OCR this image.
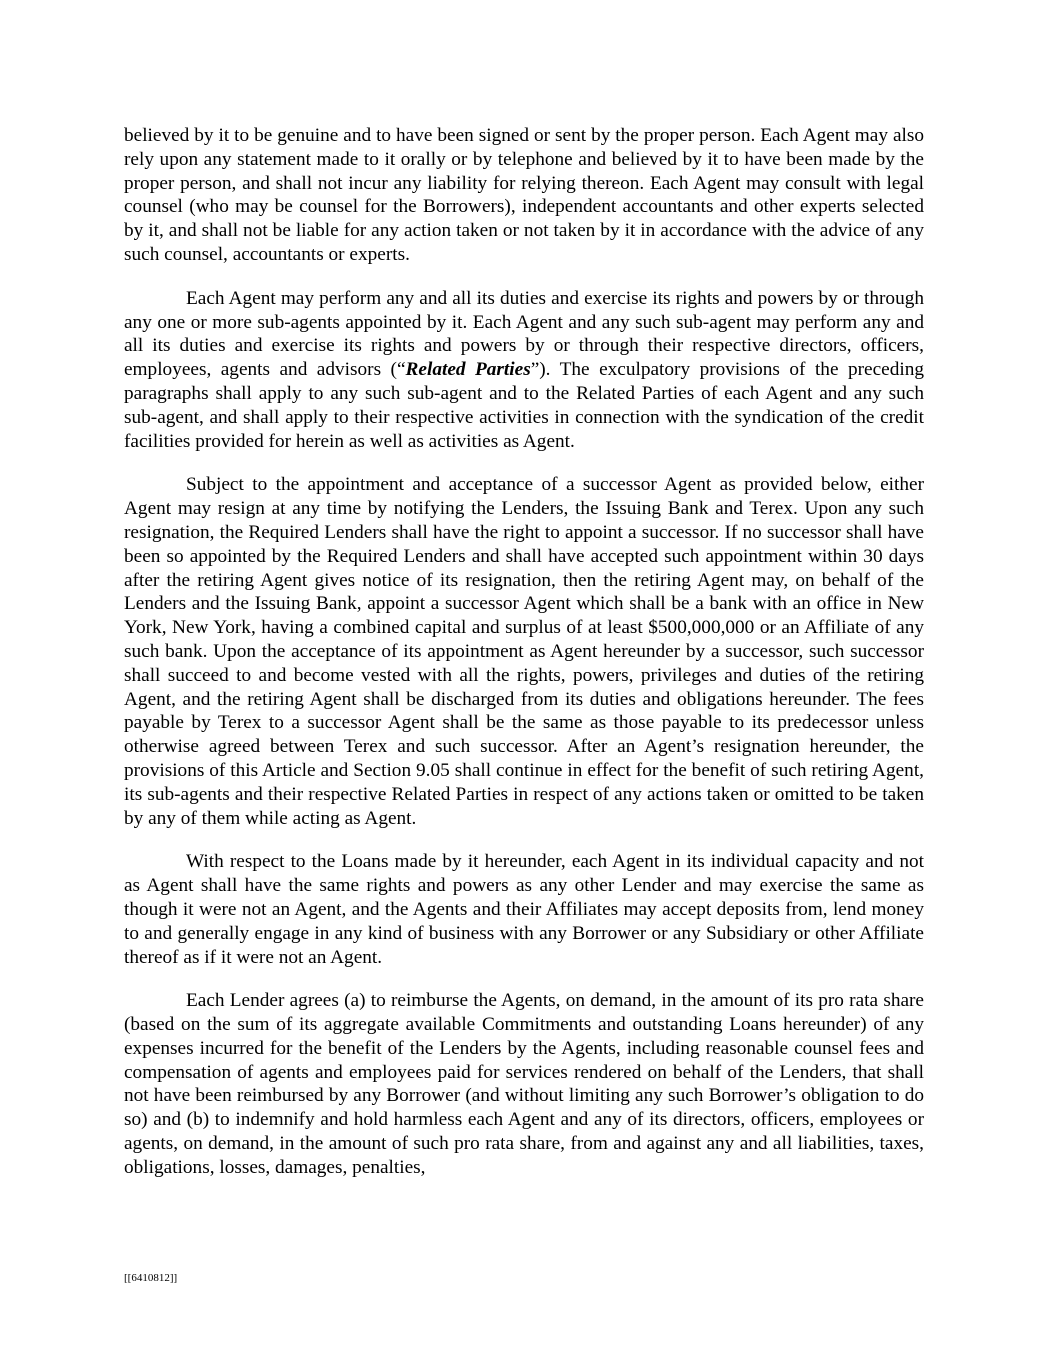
believed by it to be genuine and to have been signed or sent by the proper person. Each Agent may also rely upon any statement made to it orally or by telephone and believed by it to have been made by the proper person, and shall not incur any liability for relying thereon. Each Agent may consult with legal counsel (who may be counsel for the Borrowers), independent accountants and other experts selected by it, and shall not be liable for any action taken or not taken by it in accordance with the advice of any such counsel, accountants or experts.

Each Agent may perform any and all its duties and exercise its rights and powers by or through any one or more sub-agents appointed by it. Each Agent and any such sub-agent may perform any and all its duties and exercise its rights and powers by or through their respective directors, officers, employees, agents and advisors (“Related Parties”). The exculpatory provisions of the preceding paragraphs shall apply to any such sub-agent and to the Related Parties of each Agent and any such sub-agent, and shall apply to their respective activities in connection with the syndication of the credit facilities provided for herein as well as activities as Agent.

Subject to the appointment and acceptance of a successor Agent as provided below, either Agent may resign at any time by notifying the Lenders, the Issuing Bank and Terex. Upon any such resignation, the Required Lenders shall have the right to appoint a successor. If no successor shall have been so appointed by the Required Lenders and shall have accepted such appointment within 30 days after the retiring Agent gives notice of its resignation, then the retiring Agent may, on behalf of the Lenders and the Issuing Bank, appoint a successor Agent which shall be a bank with an office in New York, New York, having a combined capital and surplus of at least $500,000,000 or an Affiliate of any such bank. Upon the acceptance of its appointment as Agent hereunder by a successor, such successor shall succeed to and become vested with all the rights, powers, privileges and duties of the retiring Agent, and the retiring Agent shall be discharged from its duties and obligations hereunder. The fees payable by Terex to a successor Agent shall be the same as those payable to its predecessor unless otherwise agreed between Terex and such successor. After an Agent’s resignation hereunder, the provisions of this Article and Section 9.05 shall continue in effect for the benefit of such retiring Agent, its sub-agents and their respective Related Parties in respect of any actions taken or omitted to be taken by any of them while acting as Agent.

With respect to the Loans made by it hereunder, each Agent in its individual capacity and not as Agent shall have the same rights and powers as any other Lender and may exercise the same as though it were not an Agent, and the Agents and their Affiliates may accept deposits from, lend money to and generally engage in any kind of business with any Borrower or any Subsidiary or other Affiliate thereof as if it were not an Agent.

Each Lender agrees (a) to reimburse the Agents, on demand, in the amount of its pro rata share (based on the sum of its aggregate available Commitments and outstanding Loans hereunder) of any expenses incurred for the benefit of the Lenders by the Agents, including reasonable counsel fees and compensation of agents and employees paid for services rendered on behalf of the Lenders, that shall not have been reimbursed by any Borrower (and without limiting any such Borrower’s obligation to do so) and (b) to indemnify and hold harmless each Agent and any of its directors, officers, employees or agents, on demand, in the amount of such pro rata share, from and against any and all liabilities, taxes, obligations, losses, damages, penalties,

[[6410812]]
